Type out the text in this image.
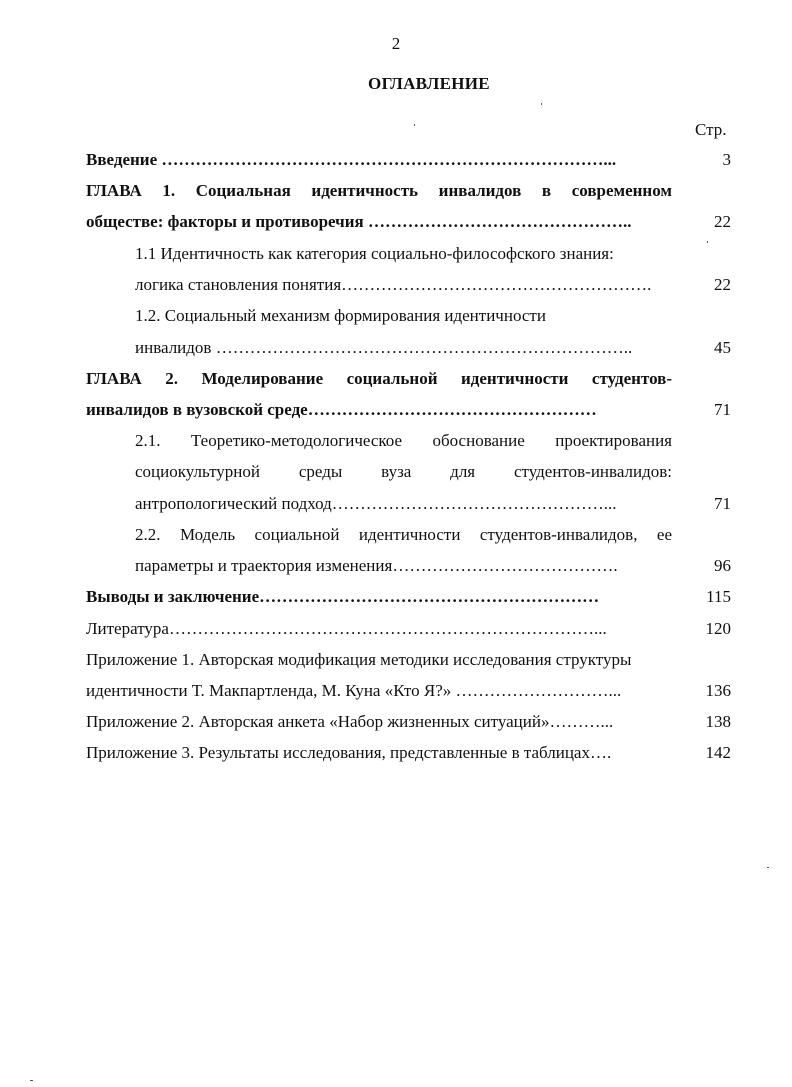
2
ОГЛАВЛЕНИЕ
Стр.
Введение ……………………………………………………………………...	3
ГЛАВА 1. Социальная идентичность инвалидов в современном
обществе: факторы и противоречия ………………………………………..	22
1.1 Идентичность как категория социально-философского знания:
логика становления понятия……………………………………………….	22
1.2. Социальный механизм формирования идентичности
инвалидов ………………………………………………………………..	45
ГЛАВА 2. Моделирование социальной идентичности студентов-
инвалидов в вузовской среде……………………………………………	71
2.1. Теоретико-методологическое обоснование проектирования
социокультурной среды вуза для студентов-инвалидов:
антропологический подход…………………………………………...	71
2.2. Модель социальной идентичности студентов-инвалидов, ее
параметры и траектория изменения………………………………….	96
Выводы и заключение……………………………………………………	115
Литература…………………………………………………………………...	120
Приложение 1. Авторская модификация методики исследования структуры
идентичности Т. Макпартленда, М. Куна «Кто Я?» ………………………...	136
Приложение 2. Авторская анкета «Набор жизненных ситуаций»………...	138
Приложение 3. Результаты исследования, представленные в таблицах….	142
